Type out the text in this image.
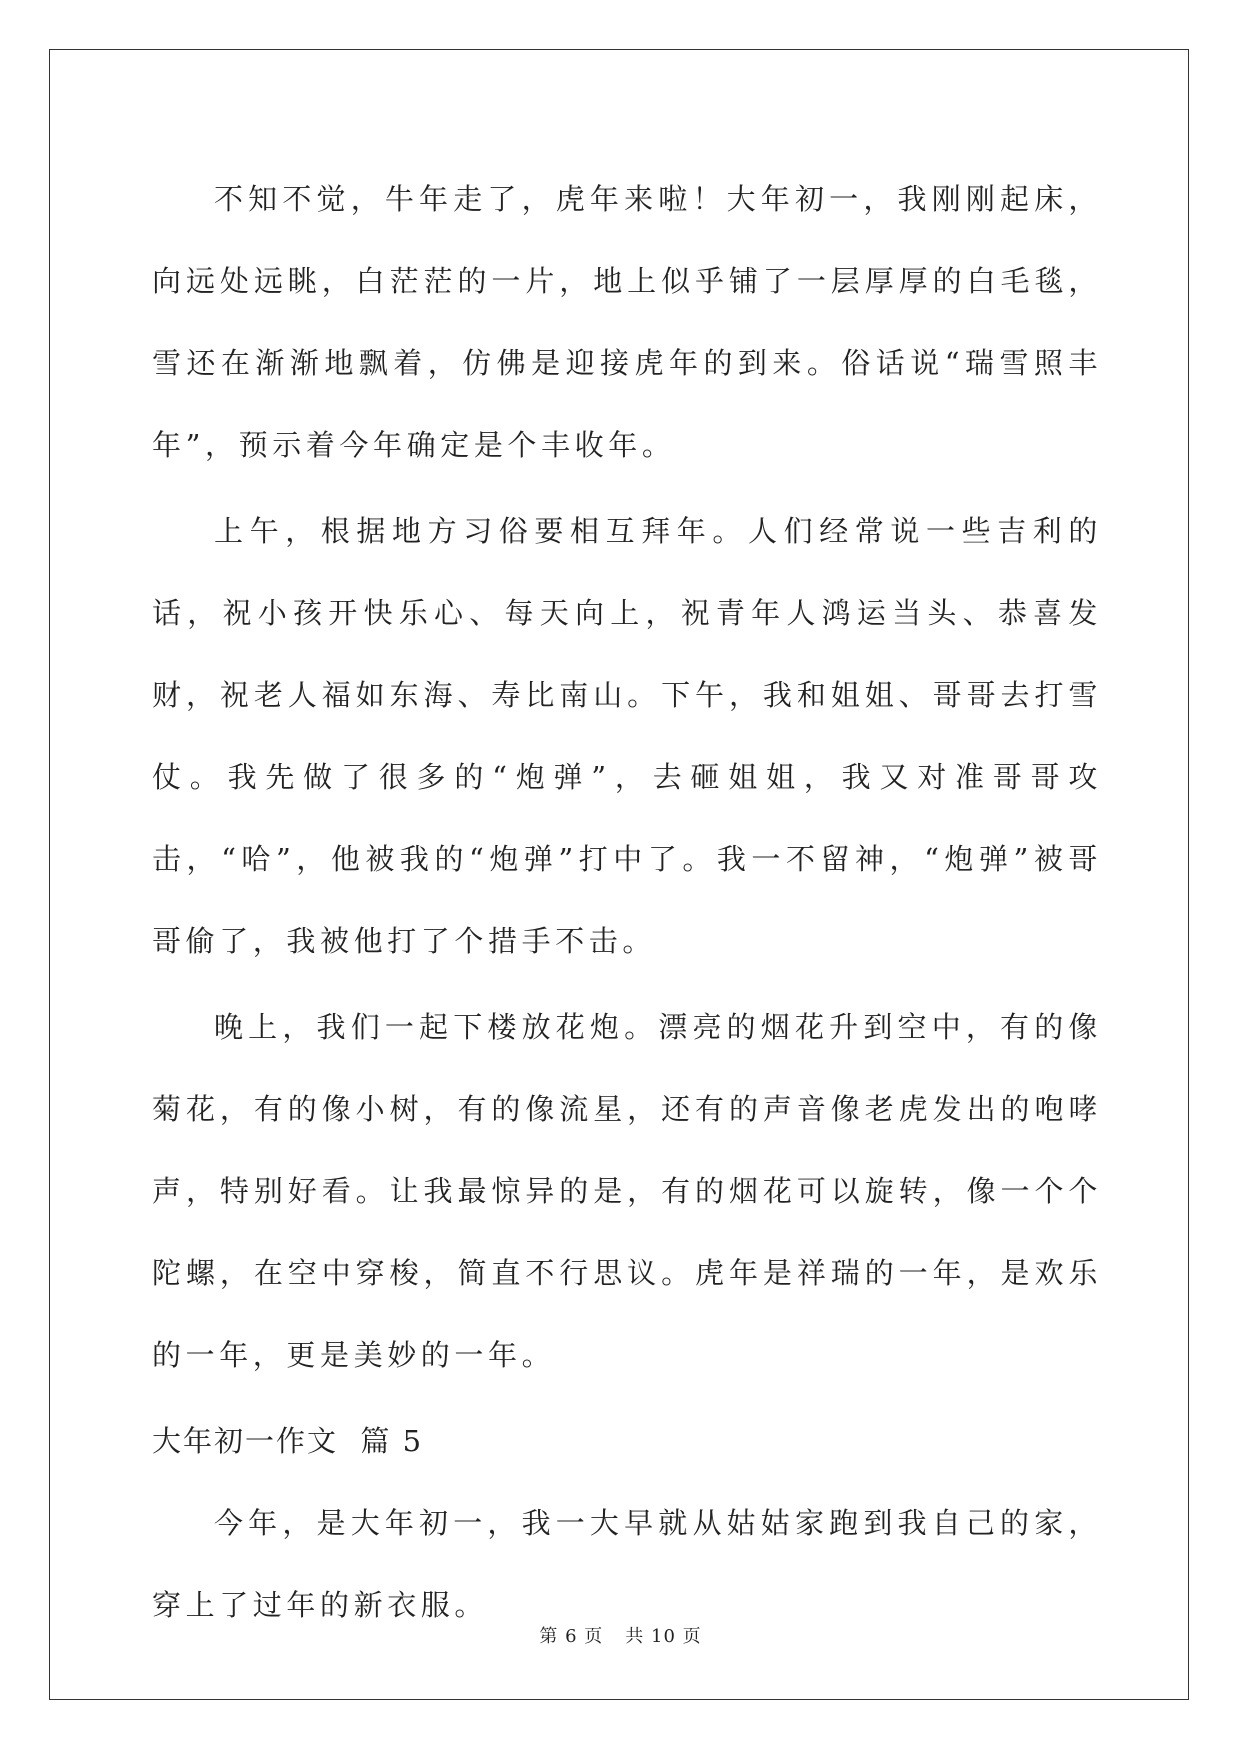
不知不觉，牛年走了，虎年来啦！大年初一，我刚刚起床，向远处远眺，白茫茫的一片，地上似乎铺了一层厚厚的白毛毯，雪还在渐渐地飘着，仿佛是迎接虎年的到来。俗话说“瑞雪照丰年”，预示着今年确定是个丰收年。

上午，根据地方习俗要相互拜年。人们经常说一些吉利的话，祝小孩开快乐心、每天向上，祝青年人鸿运当头、恭喜发财，祝老人福如东海、寿比南山。下午，我和姐姐、哥哥去打雪仗。我先做了很多的“炮弹”，去砸姐姐，我又对准哥哥攻击，“哈”，他被我的“炮弹”打中了。我一不留神，“炮弹”被哥哥偷了，我被他打了个措手不击。

晚上，我们一起下楼放花炮。漂亮的烟花升到空中，有的像菊花，有的像小树，有的像流星，还有的声音像老虎发出的咆哮声，特别好看。让我最惊异的是，有的烟花可以旋转，像一个个陀螺，在空中穿梭，简直不行思议。虎年是祥瑞的一年，是欢乐的一年，更是美妙的一年。

大年初一作文  篇 5

今年，是大年初一，我一大早就从姑姑家跑到我自己的家，穿上了过年的新衣服。

第 6 页 共 10 页
